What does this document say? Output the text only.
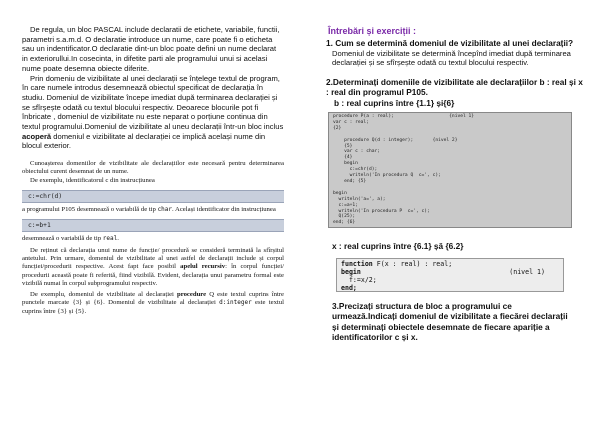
De regula, un bloc PASCAL include declaratii de etichete, variabile, functii, parametri s.a.m.d. O declaratie introduce un nume, care poate fi o eticheta sau un indentificator.O declaratie dint-un bloc poate defini un nume declarat in exteriorullui.In cosecinta, in difetite parti ale programului unui si acelasi nume poate desemna obiecte diferite.

Prin domeniu de vizibilitate al unei declarații se înțelege textul de program, în care numele introdus desemnează obiectul specificat de declarația în studiu. Domeniul de vizibilitate începe imediat după terminarea declarației și se sfîrșește odată cu textul blocului respectiv. Deoarece blocurile pot fi înbricate , domeniul de vizibilitate nu este neparat o porțiune continua din textul programului.Domeniul de vizibilitate al uneu declarații într-un bloc inclus acoperă domeniul e vizibilitate al declarației ce implică același nume din blocul exterior.

Cunoașterea domeniilor de vizibilitate ale declarațiilor este necesară pentru determinarea obiectului curent desemnat de un nume.

De exemplu, identificatorul c din instrucțiunea

c:=chr(d)

a programului P105 desemnează o variabilă de tip char. Același identificator din instrucțiunea

c:=b+1

desemnează o variabilă de tip real.

De reținut că declarația unui nume de funcție/ procedură se consideră terminată la sfîrșitul antetului. Prin urmare, domeniul de vizibilitate al unei astfel de declarații include și corpul funcției/procedurii respective. Acest fapt face posibil apelul recursiv: în corpul funcției/ procedurii această poate fi referită, fiind vizibilă. Evident, declarația unui parametru formal este vizibilă numai în corpul subprogramului respectiv.

De exemplu, domeniul de vizibilitate al declarației procedure Q este textul cuprins între punctele marcate {3} și {6}. Domeniul de vizibilitate al declarației d:integer este textul cuprins între {3} și {5}.

Întrebări și exerciții :

1. Cum se determină domeniul de vizibilitate al unei declarații?

Domeniul de vizibilitate se determină începînd imediat după terminarea declarației și se sfîrșește odată cu textul blocului respectiv.

2.Determinați domeniile de vizibilitate ale declarațiilor b : real și x : real din programul P105.

b : real cuprins între {1.1} și{6}

procedure P(a : real);                    {nivel 1}
var c : real;
{2}

procedure Q(d : integer);       {nivel 2}
{5}
var c : char;
{4}
begin
c:=chr(d);
writeln('In procedura Q  c=', c);
end; {5}

begin
writeln('a=', a);
c:=a+1;
writeln('In procedura P  c=', c);
Q(25);
end; {6}

x : real cuprins între {6.1} șă {6.2}

function F(x : real) : real;
begin	(nivel 1)
f:=x/2;
end;

3.Precizați structura de bloc a programului ce urmează.Indicați domeniul de vizibilitate a fiecărei declarații și determinați obiectele desemnate de fiecare apariție a identificatorilor c și x.
